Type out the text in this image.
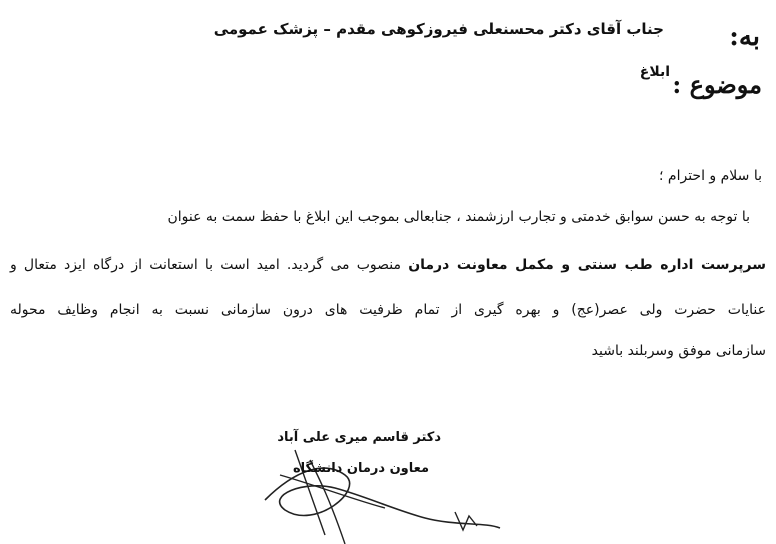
به:
جناب آقای دکتر محسنعلی فیروزکوهی مقدم – پزشک عمومی
موضوع :
ابلاغ
با سلام و احترام ؛
با توجه به حسن سوابق خدمتی و تجارب ارزشمند ، جنابعالی بموجب این ابلاغ با حفظ سمت به عنوان
سرپرست اداره طب سنتی و مکمل معاونت درمان منصوب می گردید. امید است با استعانت از درگاه ایزد متعال و
عنایات حضرت ولی عصر(عج) و بهره گیری از تمام ظرفیت های درون سازمانی نسبت به انجام وظایف محوله
سازمانی موفق وسربلند باشید
دکتر قاسم میری علی آباد
معاون درمان دانشگاه
